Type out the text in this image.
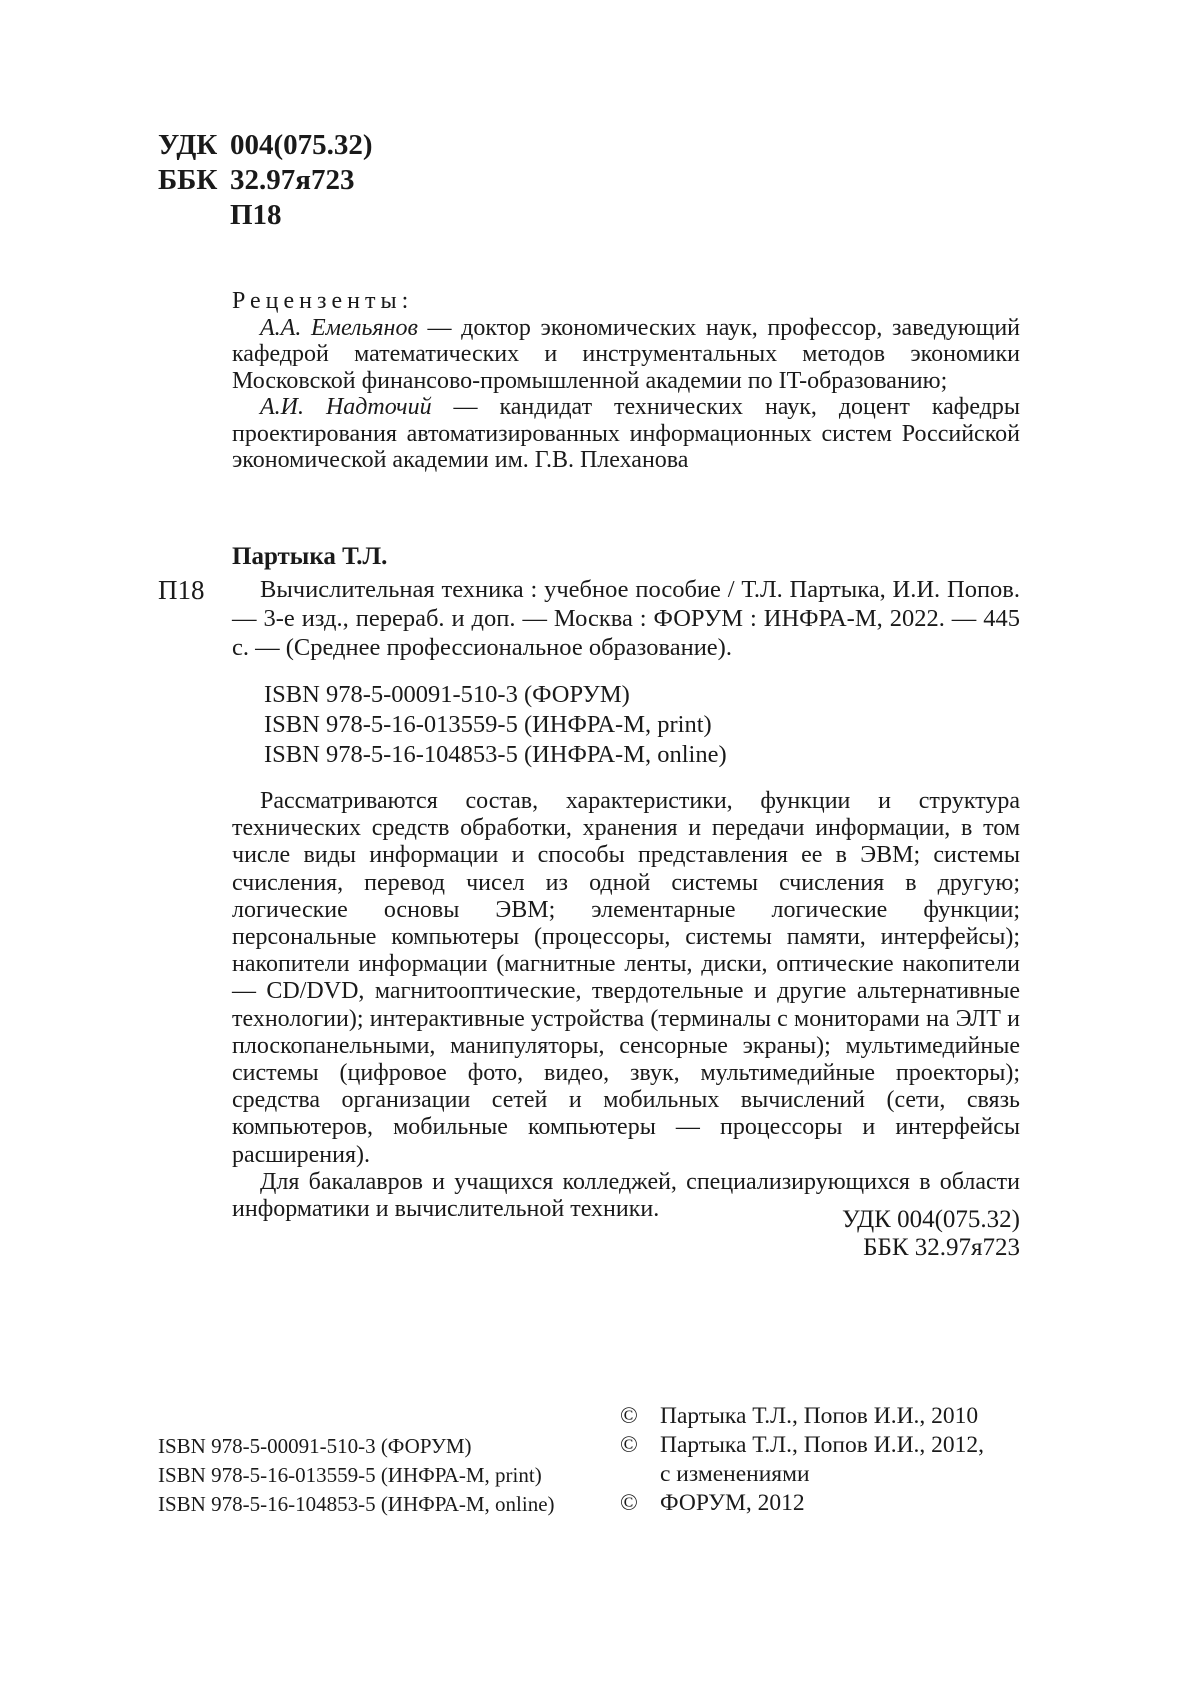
УДК 004(075.32)
ББК 32.97я723
П18
Рецензенты:

А.А. Емельянов — доктор экономических наук, профессор, заведующий кафедрой математических и инструментальных методов экономики Московской финансово-промышленной академии по IT-образованию;

А.И. Надточий — кандидат технических наук, доцент кафедры проектирования автоматизированных информационных систем Российской экономической академии им. Г.В. Плеханова

Партыка Т.Л.
П18	Вычислительная техника : учебное пособие / Т.Л. Партыка, И.И. Попов. — 3-е изд., перераб. и доп. — Москва : ФОРУМ : ИНФРА-М, 2022. — 445 с. — (Среднее профессиональное образование).

ISBN 978-5-00091-510-3 (ФОРУМ)
ISBN 978-5-16-013559-5 (ИНФРА-М, print)
ISBN 978-5-16-104853-5 (ИНФРА-М, online)

Рассматриваются состав, характеристики, функции и структура технических средств обработки, хранения и передачи информации, в том числе виды информации и способы представления ее в ЭВМ; системы счисления, перевод чисел из одной системы счисления в другую; логические основы ЭВМ; элементарные логические функции; персональные компьютеры (процессоры, системы памяти, интерфейсы); накопители информации (магнитные ленты, диски, оптические накопители — CD/DVD, магнитооптические, твердотельные и другие альтернативные технологии); интерактивные устройства (терминалы с мониторами на ЭЛТ и плоскопанельными, манипуляторы, сенсорные экраны); мультимедийные системы (цифровое фото, видео, звук, мультимедийные проекторы); средства организации сетей и мобильных вычислений (сети, связь компьютеров, мобильные компьютеры — процессоры и интерфейсы расширения).

Для бакалавров и учащихся колледжей, специализирующихся в области информатики и вычислительной техники.	УДК 004(075.32)
ББК 32.97я723
ISBN 978-5-00091-510-3 (ФОРУМ)
ISBN 978-5-16-013559-5 (ИНФРА-М, print)
ISBN 978-5-16-104853-5 (ИНФРА-М, online)
© Партыка Т.Л., Попов И.И., 2010
© Партыка Т.Л., Попов И.И., 2012,
с изменениями
© ФОРУМ, 2012
